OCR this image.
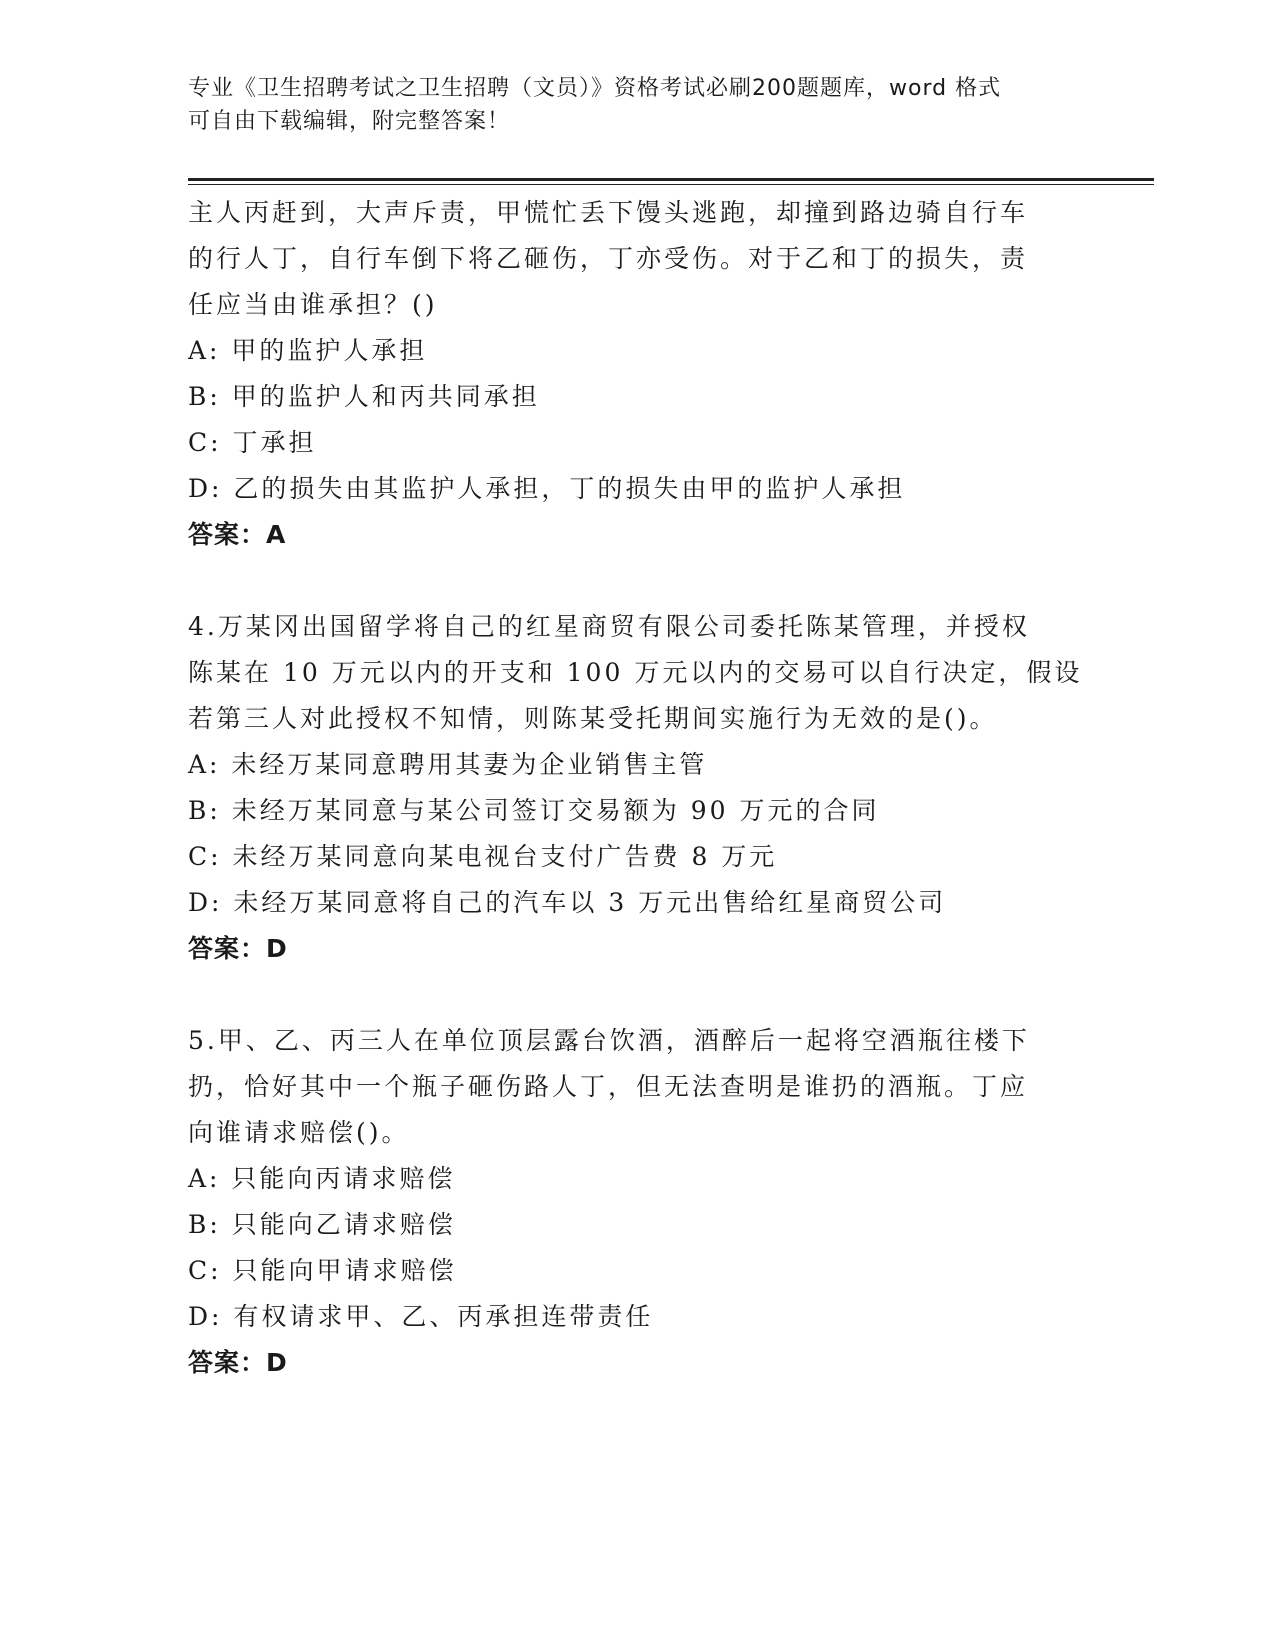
专业《卫生招聘考试之卫生招聘（文员）》资格考试必刷200题题库，word 格式
可自由下载编辑，附完整答案！
主人丙赶到，大声斥责，甲慌忙丢下馒头逃跑，却撞到路边骑自行车
的行人丁，自行车倒下将乙砸伤，丁亦受伤。对于乙和丁的损失，责
任应当由谁承担？()
A: 甲的监护人承担
B: 甲的监护人和丙共同承担
C: 丁承担
D: 乙的损失由其监护人承担，丁的损失由甲的监护人承担
答案：A
4.万某冈出国留学将自己的红星商贸有限公司委托陈某管理，并授权
陈某在 10 万元以内的开支和 100 万元以内的交易可以自行决定，假设
若第三人对此授权不知情，则陈某受托期间实施行为无效的是()。
A: 未经万某同意聘用其妻为企业销售主管
B: 未经万某同意与某公司签订交易额为 90 万元的合同
C: 未经万某同意向某电视台支付广告费 8 万元
D: 未经万某同意将自己的汽车以 3 万元出售给红星商贸公司
答案：D
5.甲、乙、丙三人在单位顶层露台饮酒，酒醉后一起将空酒瓶往楼下
扔，恰好其中一个瓶子砸伤路人丁，但无法查明是谁扔的酒瓶。丁应
向谁请求赔偿()。
A: 只能向丙请求赔偿
B: 只能向乙请求赔偿
C: 只能向甲请求赔偿
D: 有权请求甲、乙、丙承担连带责任
答案：D
